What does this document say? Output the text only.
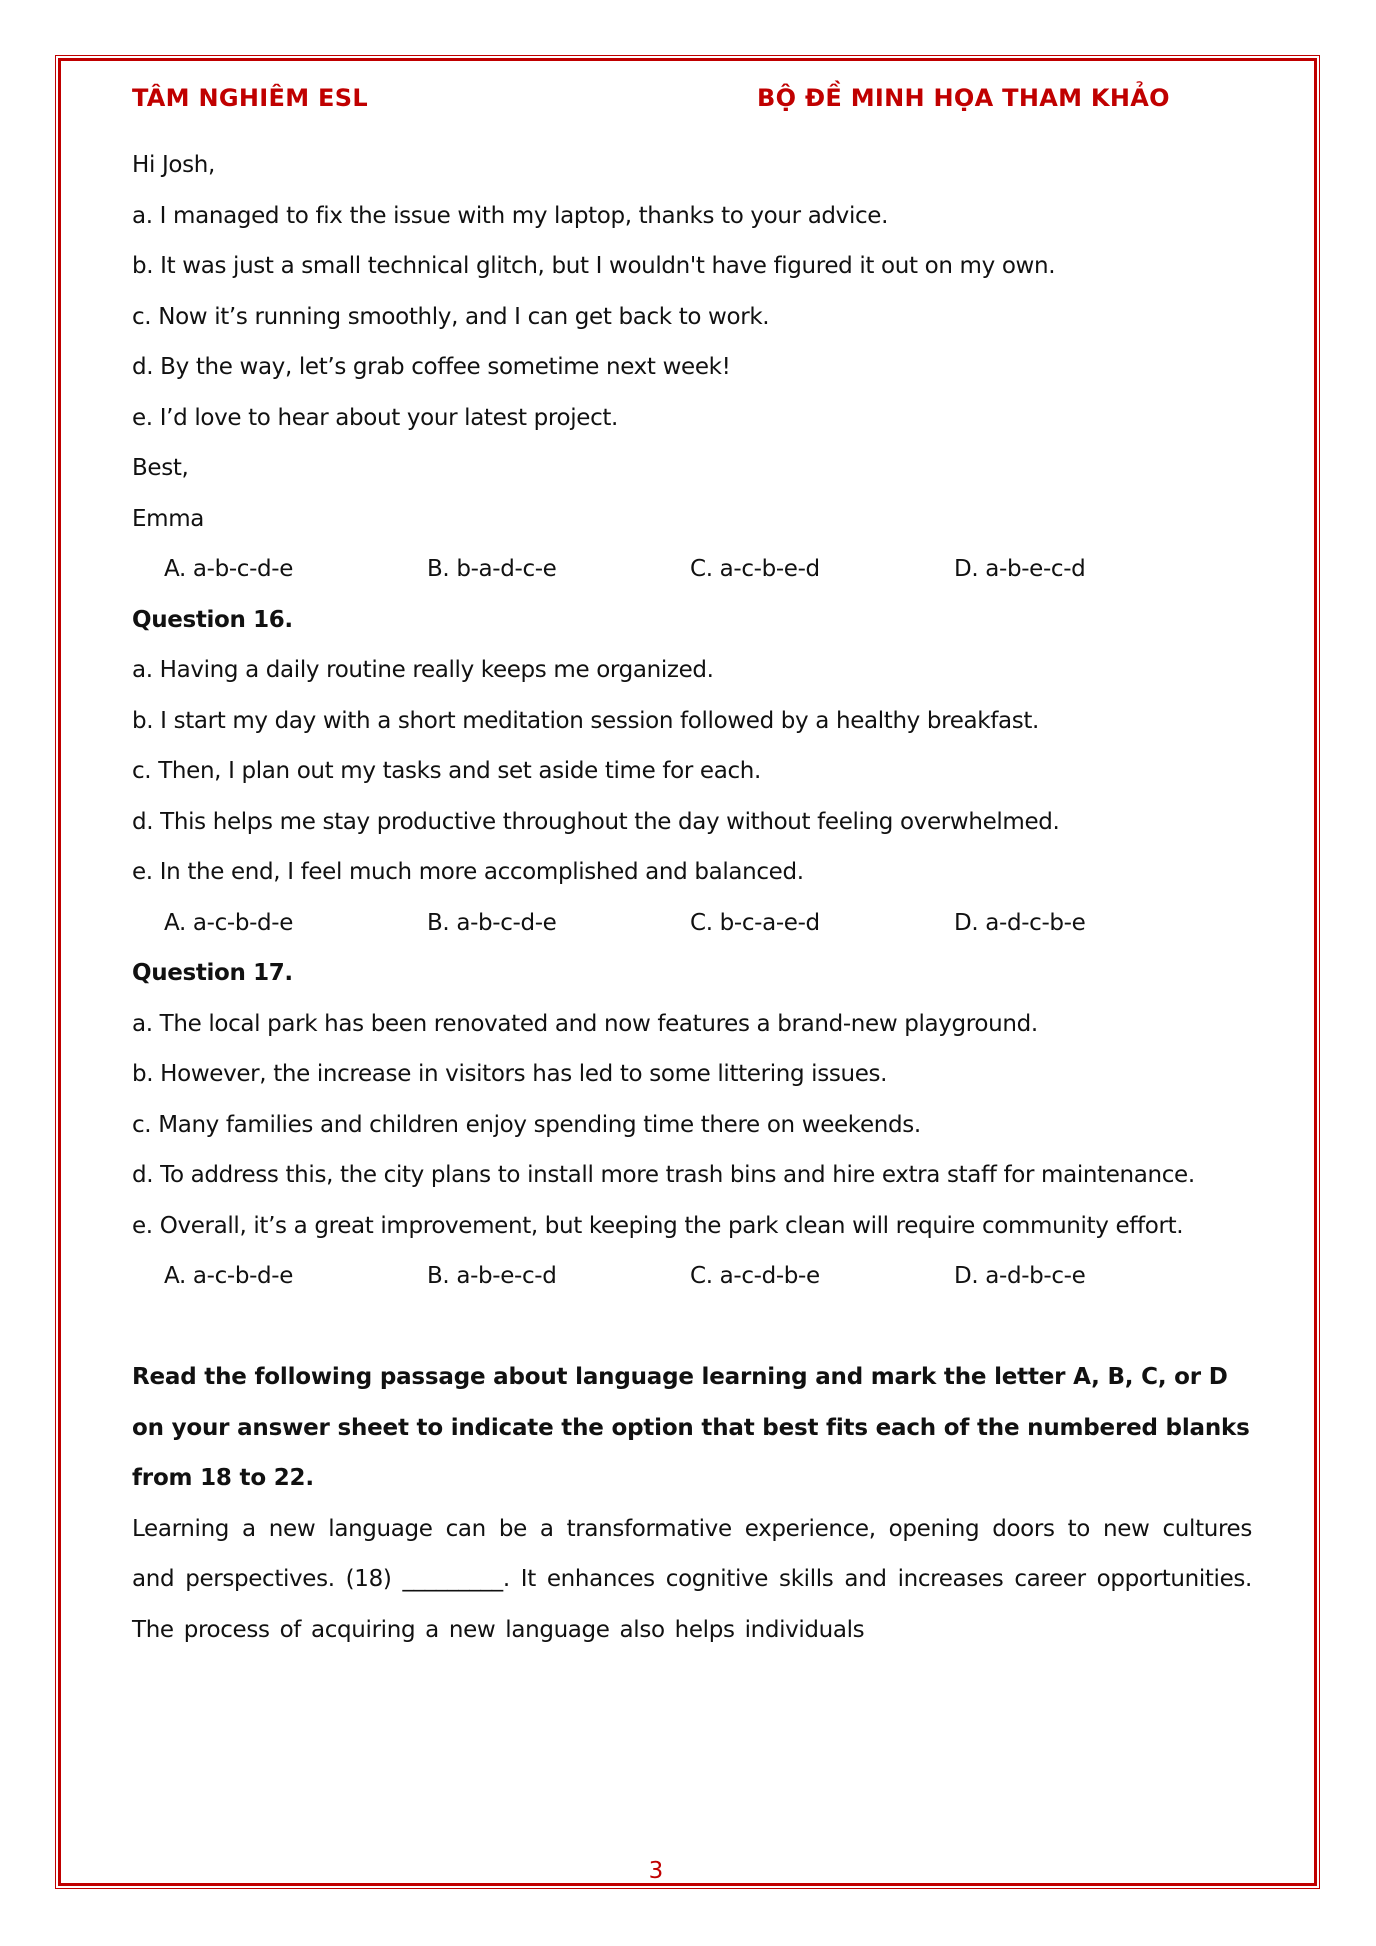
TÂM NGHIÊM ESL	BỘ ĐỀ MINH HỌA THAM KHẢO
Hi Josh,
a. I managed to fix the issue with my laptop, thanks to your advice.
b. It was just a small technical glitch, but I wouldn't have figured it out on my own.
c. Now it’s running smoothly, and I can get back to work.
d. By the way, let’s grab coffee sometime next week!
e. I’d love to hear about your latest project.
Best,
Emma
A. a-b-c-d-e	B. b-a-d-c-e	C. a-c-b-e-d	D. a-b-e-c-d
Question 16.
a. Having a daily routine really keeps me organized.
b. I start my day with a short meditation session followed by a healthy breakfast.
c. Then, I plan out my tasks and set aside time for each.
d. This helps me stay productive throughout the day without feeling overwhelmed.
e. In the end, I feel much more accomplished and balanced.
A. a-c-b-d-e	B. a-b-c-d-e	C. b-c-a-e-d	D. a-d-c-b-e
Question 17.
a. The local park has been renovated and now features a brand-new playground.
b. However, the increase in visitors has led to some littering issues.
c. Many families and children enjoy spending time there on weekends.
d. To address this, the city plans to install more trash bins and hire extra staff for maintenance.
e. Overall, it’s a great improvement, but keeping the park clean will require community effort.
A. a-c-b-d-e	B. a-b-e-c-d	C. a-c-d-b-e	D. a-d-b-c-e
Read the following passage about language learning and mark the letter A, B, C, or D on your answer sheet to indicate the option that best fits each of the numbered blanks from 18 to 22.
Learning a new language can be a transformative experience, opening doors to new cultures and perspectives. (18) _________. It enhances cognitive skills and increases career opportunities. The process of acquiring a new language also helps individuals
3
